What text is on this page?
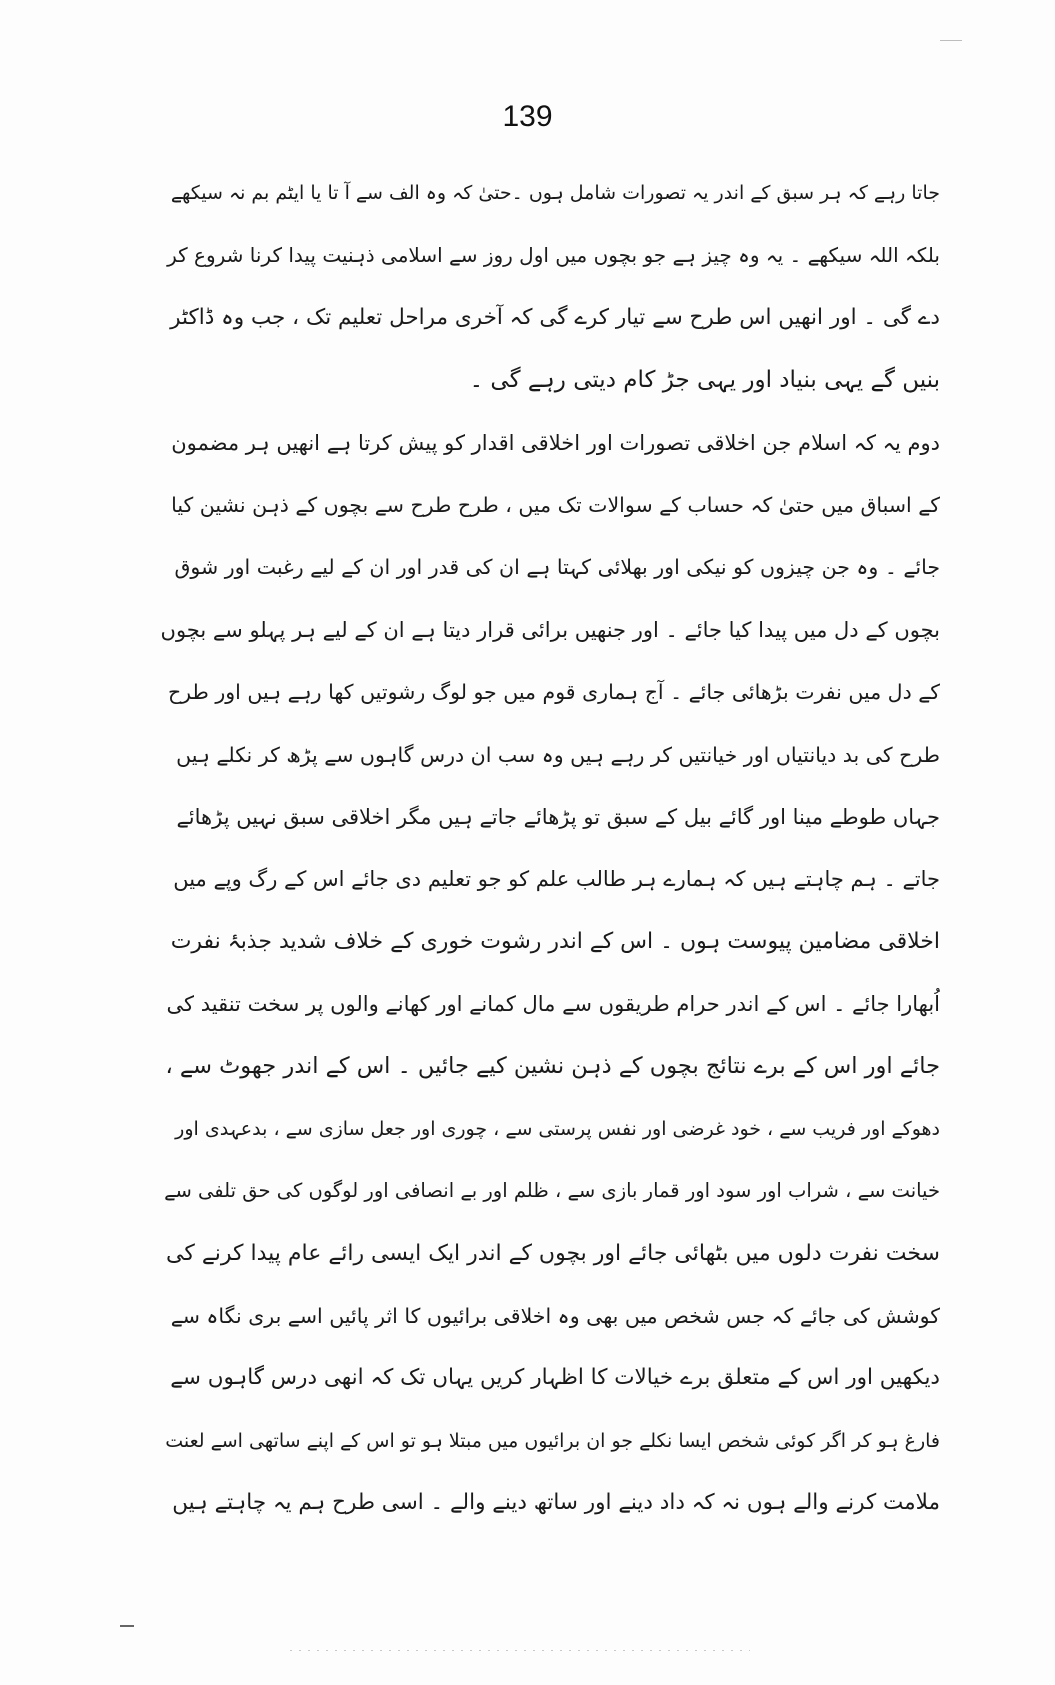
139
جاتا رہے کہ ہر سبق کے اندر یہ تصورات شامل ہوں ۔حتیٰ کہ وہ الف سے آ تا یا ایٹم بم نہ سیکھے
بلکہ اللہ سیکھے ۔ یہ وہ چیز ہے جو بچوں میں اول روز سے اسلامی ذہنیت پیدا کرنا شروع کر
دے گی ۔ اور انھیں اس طرح سے تیار کرے گی کہ آخری مراحل تعلیم تک ، جب وہ ڈاکٹر
بنیں گے یہی بنیاد اور یہی جڑ کام دیتی رہے گی ۔
دوم یہ کہ اسلام جن اخلاقی تصورات اور اخلاقی اقدار کو پیش کرتا ہے انھیں ہر مضمون
کے اسباق میں حتیٰ کہ حساب کے سوالات تک میں ، طرح طرح سے بچوں کے ذہن نشین کیا
جائے ۔ وہ جن چیزوں کو نیکی اور بھلائی کہتا ہے ان کی قدر اور ان کے لیے رغبت اور شوق
بچوں کے دل میں پیدا کیا جائے ۔ اور جنھیں برائی قرار دیتا ہے ان کے لیے ہر پہلو سے بچوں
کے دل میں نفرت بڑھائی جائے ۔ آج ہماری قوم میں جو لوگ رشوتیں کھا رہے ہیں اور طرح
طرح کی بد دیانتیاں اور خیانتیں کر رہے ہیں وہ سب ان درس گاہوں سے پڑھ کر نکلے ہیں
جہاں طوطے مینا اور گائے بیل کے سبق تو پڑھائے جاتے ہیں مگر اخلاقی سبق نہیں پڑھائے
جاتے ۔ ہم چاہتے ہیں کہ ہمارے ہر طالب علم کو جو تعلیم دی جائے اس کے رگ وپے میں
اخلاقی مضامین پیوست ہوں ۔ اس کے اندر رشوت خوری کے خلاف شدید جذبۂ نفرت
اُبھارا جائے ۔ اس کے اندر حرام طریقوں سے مال کمانے اور کھانے والوں پر سخت تنقید کی
جائے اور اس کے برے نتائج بچوں کے ذہن نشین کیے جائیں ۔ اس کے اندر جھوٹ سے ،
دھوکے اور فریب سے ، خود غرضی اور نفس پرستی سے ، چوری اور جعل سازی سے ، بدعہدی اور
خیانت سے ، شراب اور سود اور قمار بازی سے ، ظلم اور بے انصافی اور لوگوں کی حق تلفی سے
سخت نفرت دلوں میں بٹھائی جائے اور بچوں کے اندر ایک ایسی رائے عام پیدا کرنے کی
کوشش کی جائے کہ جس شخص میں بھی وہ اخلاقی برائیوں کا اثر پائیں اسے بری نگاہ سے
دیکھیں اور اس کے متعلق برے خیالات کا اظہار کریں یہاں تک کہ انھی درس گاہوں سے
فارغ ہو کر اگر کوئی شخص ایسا نکلے جو ان برائیوں میں مبتلا ہو تو اس کے اپنے ساتھی اسے لعنت
ملامت کرنے والے ہوں نہ کہ داد دینے اور ساتھ دینے والے ۔ اسی طرح ہم یہ چاہتے ہیں
